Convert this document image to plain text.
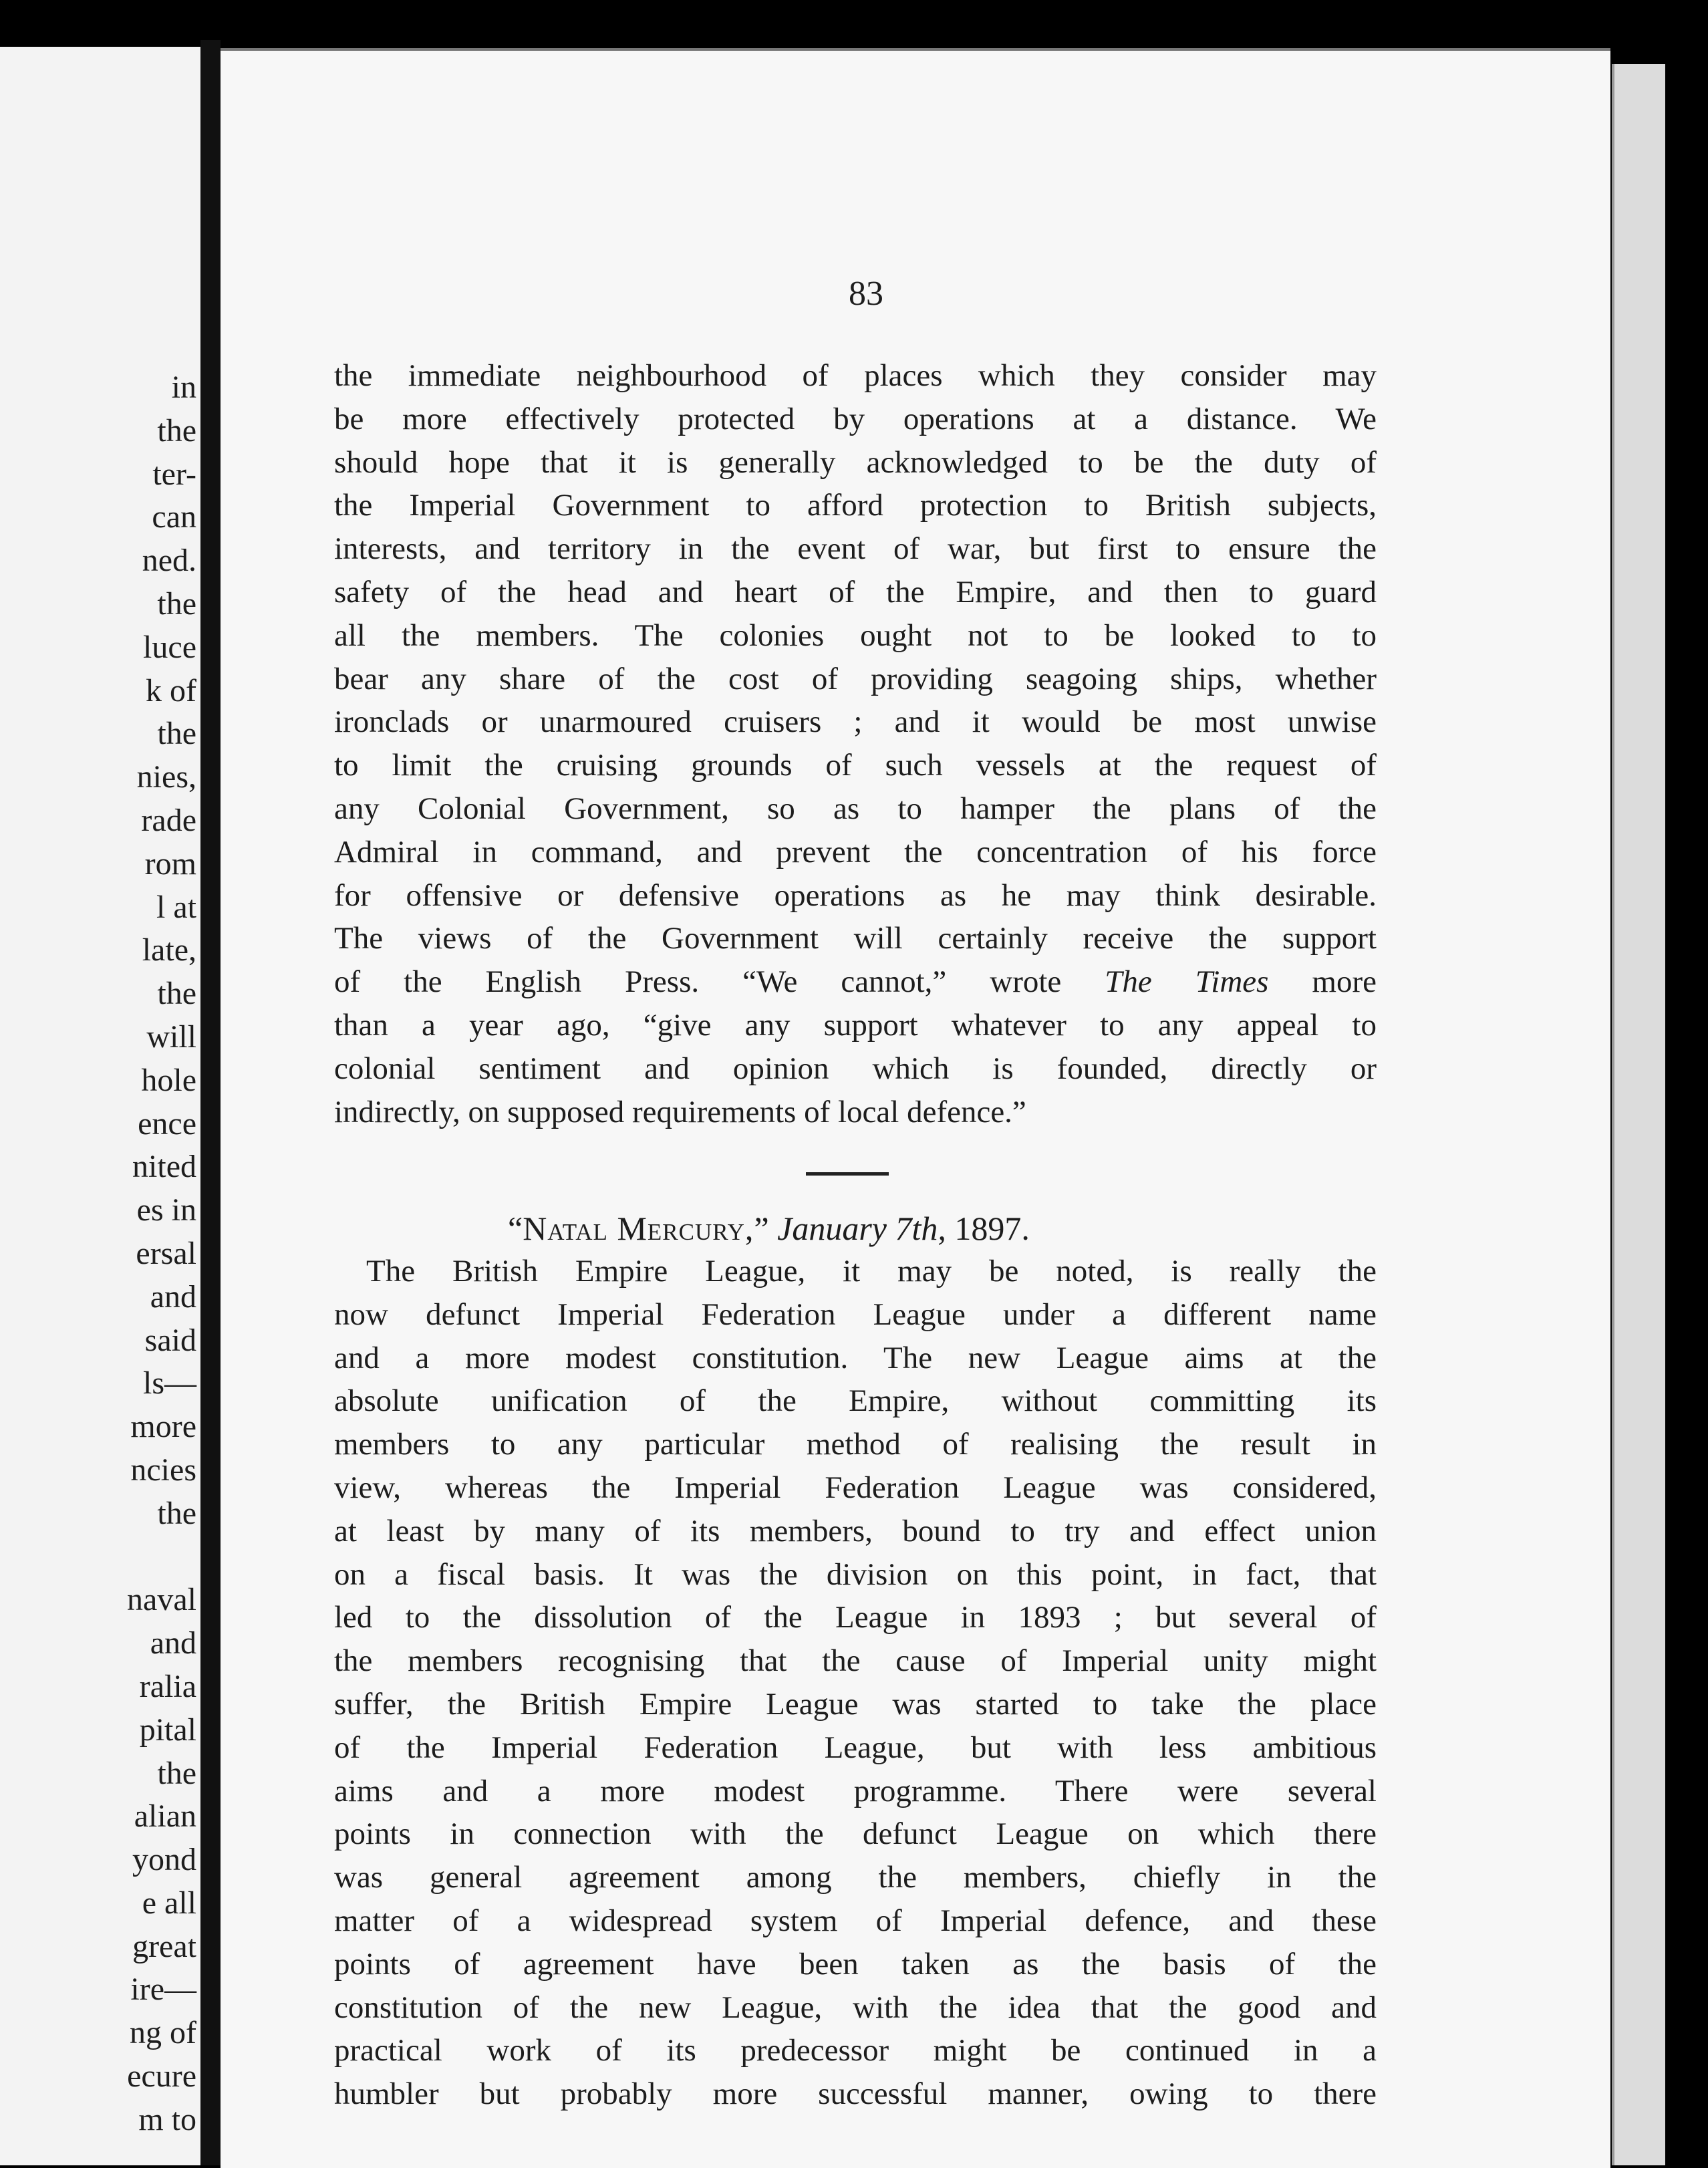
in
the
ter-
can
ned.
the
luce
k of
the
nies,
rade
rom
l at
late,
the
will
hole
ence
nited
es in
ersal
and
said
ls—
more
ncies
the
naval
and
ralia
pital
the
alian
yond
e all
great
ire—
ng of
ecure
m to
83
the immediate neighbourhood of places which they consider may
be more effectively protected by operations at a distance. We
should hope that it is generally acknowledged to be the duty of
the Imperial Government to afford protection to British subjects,
interests, and territory in the event of war, but first to ensure the
safety of the head and heart of the Empire, and then to guard
all the members. The colonies ought not to be looked to to
bear any share of the cost of providing seagoing ships, whether
ironclads or unarmoured cruisers ; and it would be most unwise
to limit the cruising grounds of such vessels at the request of
any Colonial Government, so as to hamper the plans of the
Admiral in command, and prevent the concentration of his force
for offensive or defensive operations as he may think desirable.
The views of the Government will certainly receive the support
of the English Press. “We cannot,” wrote The Times more
than a year ago, “give any support whatever to any appeal to
colonial sentiment and opinion which is founded, directly or
indirectly, on supposed requirements of local defence.”
“Natal Mercury,” January 7th, 1897.
The British Empire League, it may be noted, is really the
now defunct Imperial Federation League under a different name
and a more modest constitution. The new League aims at the
absolute unification of the Empire, without committing its
members to any particular method of realising the result in
view, whereas the Imperial Federation League was considered,
at least by many of its members, bound to try and effect union
on a fiscal basis. It was the division on this point, in fact, that
led to the dissolution of the League in 1893 ; but several of
the members recognising that the cause of Imperial unity might
suffer, the British Empire League was started to take the place
of the Imperial Federation League, but with less ambitious
aims and a more modest programme. There were several
points in connection with the defunct League on which there
was general agreement among the members, chiefly in the
matter of a widespread system of Imperial defence, and these
points of agreement have been taken as the basis of the
constitution of the new League, with the idea that the good and
practical work of its predecessor might be continued in a
humbler but probably more successful manner, owing to there
